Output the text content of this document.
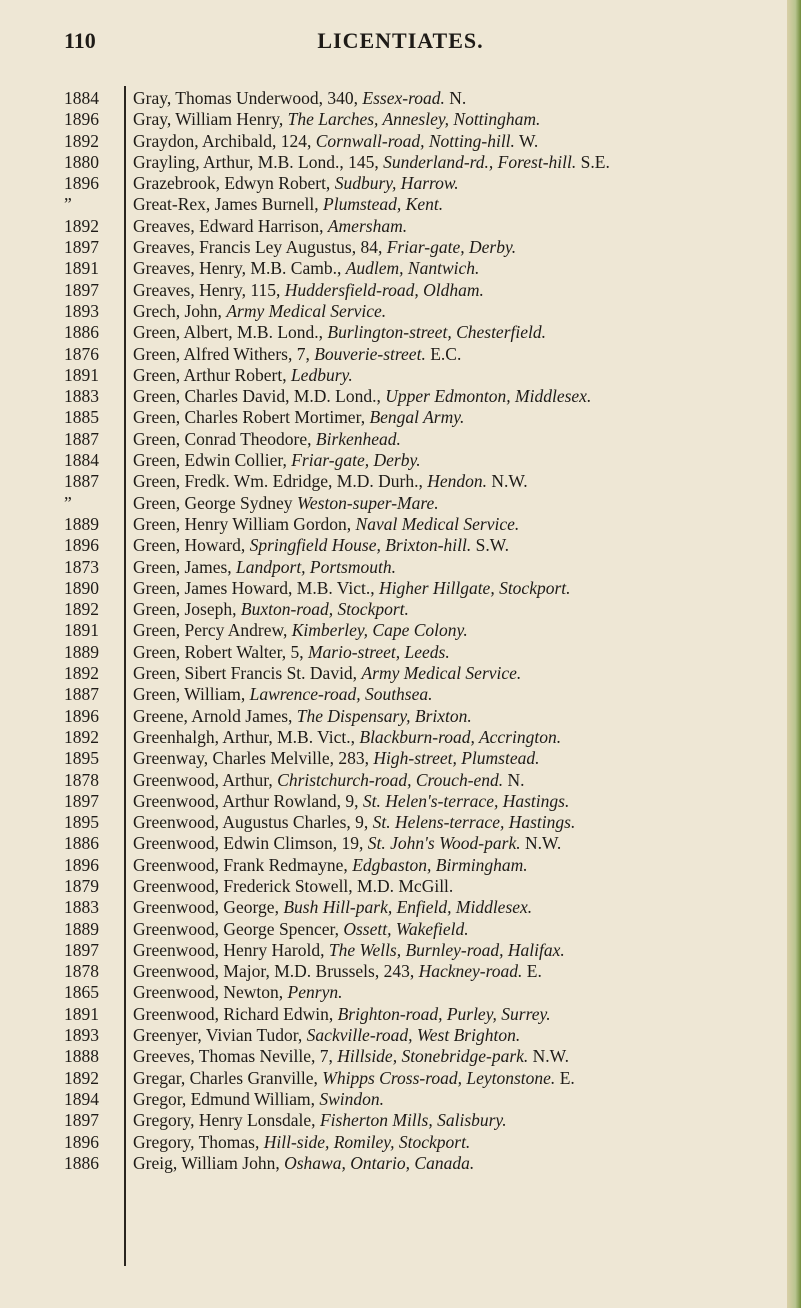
110	LICENTIATES.
1884	Gray, Thomas Underwood, 340, Essex-road. N.
1896	Gray, William Henry, The Larches, Annesley, Nottingham.
1892	Graydon, Archibald, 124, Cornwall-road, Notting-hill. W.
1880	Grayling, Arthur, M.B. Lond., 145, Sunderland-rd., Forest-hill. S.E.
1896	Grazebrook, Edwyn Robert, Sudbury, Harrow.
”	Great-Rex, James Burnell, Plumstead, Kent.
1892	Greaves, Edward Harrison, Amersham.
1897	Greaves, Francis Ley Augustus, 84, Friar-gate, Derby.
1891	Greaves, Henry, M.B. Camb., Audlem, Nantwich.
1897	Greaves, Henry, 115, Huddersfield-road, Oldham.
1893	Grech, John, Army Medical Service.
1886	Green, Albert, M.B. Lond., Burlington-street, Chesterfield.
1876	Green, Alfred Withers, 7, Bouverie-street. E.C.
1891	Green, Arthur Robert, Ledbury.
1883	Green, Charles David, M.D. Lond., Upper Edmonton, Middlesex.
1885	Green, Charles Robert Mortimer, Bengal Army.
1887	Green, Conrad Theodore, Birkenhead.
1884	Green, Edwin Collier, Friar-gate, Derby.
1887	Green, Fredk. Wm. Edridge, M.D. Durh., Hendon. N.W.
”	Green, George Sydney Weston-super-Mare.
1889	Green, Henry William Gordon, Naval Medical Service.
1896	Green, Howard, Springfield House, Brixton-hill. S.W.
1873	Green, James, Landport, Portsmouth.
1890	Green, James Howard, M.B. Vict., Higher Hillgate, Stockport.
1892	Green, Joseph, Buxton-road, Stockport.
1891	Green, Percy Andrew, Kimberley, Cape Colony.
1889	Green, Robert Walter, 5, Mario-street, Leeds.
1892	Green, Sibert Francis St. David, Army Medical Service.
1887	Green, William, Lawrence-road, Southsea.
1896	Greene, Arnold James, The Dispensary, Brixton.
1892	Greenhalgh, Arthur, M.B. Vict., Blackburn-road, Accrington.
1895	Greenway, Charles Melville, 283, High-street, Plumstead.
1878	Greenwood, Arthur, Christchurch-road, Crouch-end. N.
1897	Greenwood, Arthur Rowland, 9, St. Helen's-terrace, Hastings.
1895	Greenwood, Augustus Charles, 9, St. Helens-terrace, Hastings.
1886	Greenwood, Edwin Climson, 19, St. John's Wood-park. N.W.
1896	Greenwood, Frank Redmayne, Edgbaston, Birmingham.
1879	Greenwood, Frederick Stowell, M.D. McGill.
1883	Greenwood, George, Bush Hill-park, Enfield, Middlesex.
1889	Greenwood, George Spencer, Ossett, Wakefield.
1897	Greenwood, Henry Harold, The Wells, Burnley-road, Halifax.
1878	Greenwood, Major, M.D. Brussels, 243, Hackney-road. E.
1865	Greenwood, Newton, Penryn.
1891	Greenwood, Richard Edwin, Brighton-road, Purley, Surrey.
1893	Greenyer, Vivian Tudor, Sackville-road, West Brighton.
1888	Greeves, Thomas Neville, 7, Hillside, Stonebridge-park. N.W.
1892	Gregar, Charles Granville, Whipps Cross-road, Leytonstone. E.
1894	Gregor, Edmund William, Swindon.
1897	Gregory, Henry Lonsdale, Fisherton Mills, Salisbury.
1896	Gregory, Thomas, Hill-side, Romiley, Stockport.
1886	Greig, William John, Oshawa, Ontario, Canada.
